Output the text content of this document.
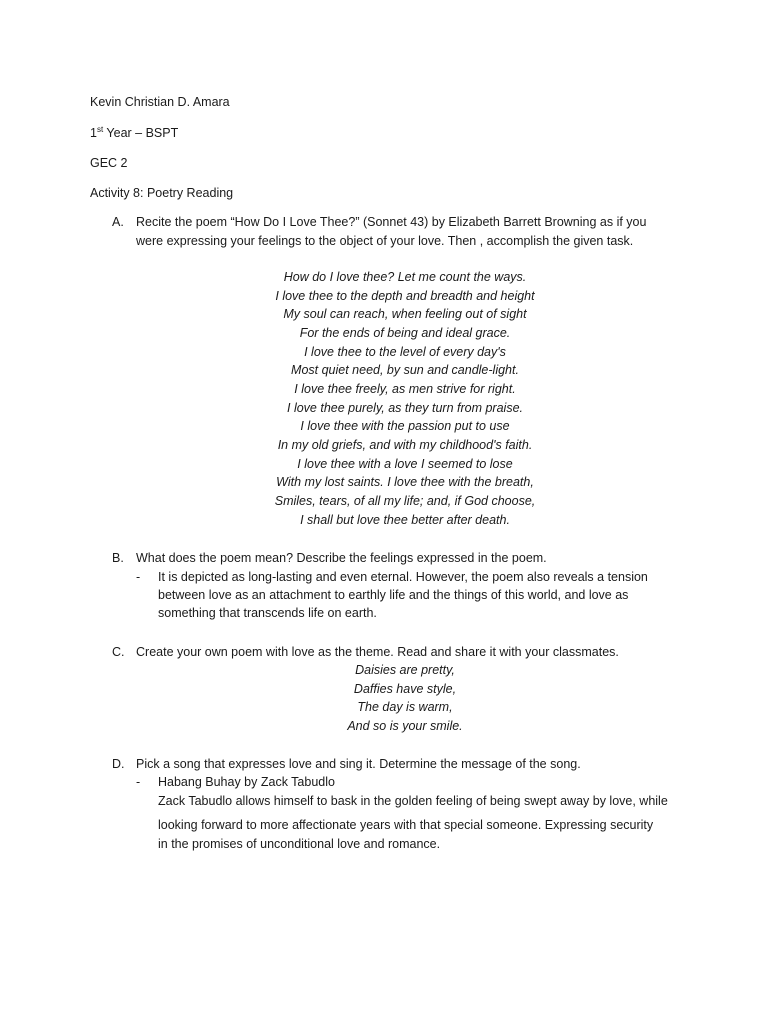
Kevin Christian D. Amara
1st Year – BSPT
GEC 2
Activity 8: Poetry Reading
A. Recite the poem “How Do I Love Thee?” (Sonnet 43) by Elizabeth Barrett Browning as if you
were expressing your feelings to the object of your love. Then , accomplish the given task.
How do I love thee? Let me count the ways.
I love thee to the depth and breadth and height
My soul can reach, when feeling out of sight
For the ends of being and ideal grace.
I love thee to the level of every day's
Most quiet need, by sun and candle-light.
I love thee freely, as men strive for right.
I love thee purely, as they turn from praise.
I love thee with the passion put to use
In my old griefs, and with my childhood's faith.
I love thee with a love I seemed to lose
With my lost saints. I love thee with the breath,
Smiles, tears, of all my life; and, if God choose,
I shall but love thee better after death.
B. What does the poem mean? Describe the feelings expressed in the poem.
- It is depicted as long-lasting and even eternal. However, the poem also reveals a tension
between love as an attachment to earthly life and the things of this world, and love as
something that transcends life on earth.
C. Create your own poem with love as the theme. Read and share it with your classmates.
Daisies are pretty,
Daffies have style,
The day is warm,
And so is your smile.
D. Pick a song that expresses love and sing it. Determine the message of the song.
- Habang Buhay by Zack Tabudlo
Zack Tabudlo allows himself to bask in the golden feeling of being swept away by love, while
looking forward to more affectionate years with that special someone. Expressing security
in the promises of unconditional love and romance.
